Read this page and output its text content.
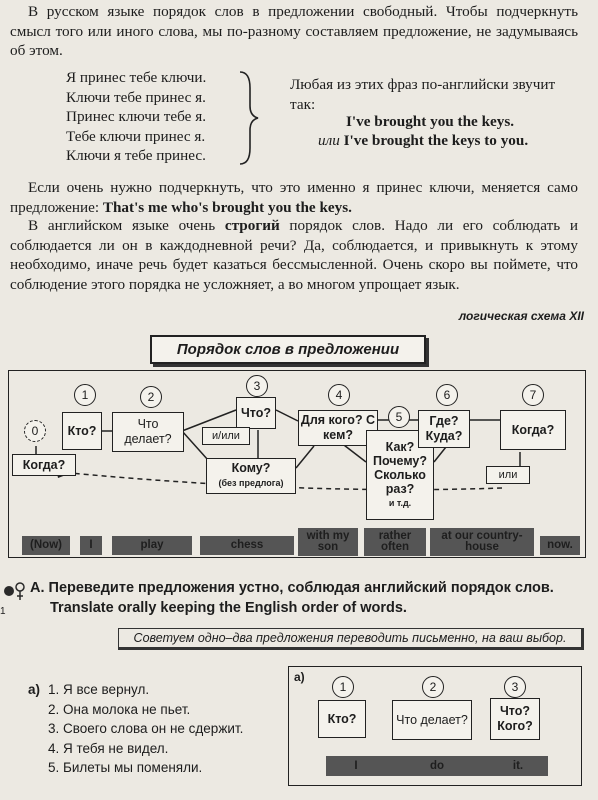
В русском языке порядок слов в предложении свободный. Чтобы подчеркнуть смысл того или иного слова, мы по-разному составляем предложение, не задумываясь об этом.
Я принес тебе ключи.
Ключи тебе принес я.
Принес ключи тебе я.
Тебе ключи принес я.
Ключи я тебе принес.
Любая из этих фраз по-английски звучит так:
I've brought you the keys.
или I've brought the keys to you.
Если очень нужно подчеркнуть, что это именно я принес ключи, меняется само предложение: That's me who's brought you the keys.
В английском языке очень строгий порядок слов. Надо ли его соблюдать и соблюдается ли он в каждодневной речи? Да, соблюдается, и привыкнуть к этому необходимо, иначе речь будет казаться бессмысленной. Очень скоро вы поймете, что соблюдение этого порядка не усложняет, а во многом упрощает язык.
логическая схема XII
Порядок слов в предложении
0
1	2
3
4
5
6	7
Кто?	Что делает?
Что?
и/или
Кому?
(без предлога)
Для кого? С кем?
Как? Почему? Сколько раз?
и т.д.
Где? Куда?	Когда?
или
Когда?
(Now) I	play	chess
with my son
rather often
at our country-house	now.
1
А. Переведите предложения устно, соблюдая английский порядок слов.
Translate orally keeping the English order of words.
Советуем одно–два предложения переводить письменно, на ваш выбор.
а) 1. Я все вернул.
2. Она молока не пьет.
3. Своего слова он не сдержит.
4. Я тебя не видел.
5. Билеты мы поменяли.
а)
1	2	3
Кто?	Что делает?
Что? Кого?
I	do	it.
